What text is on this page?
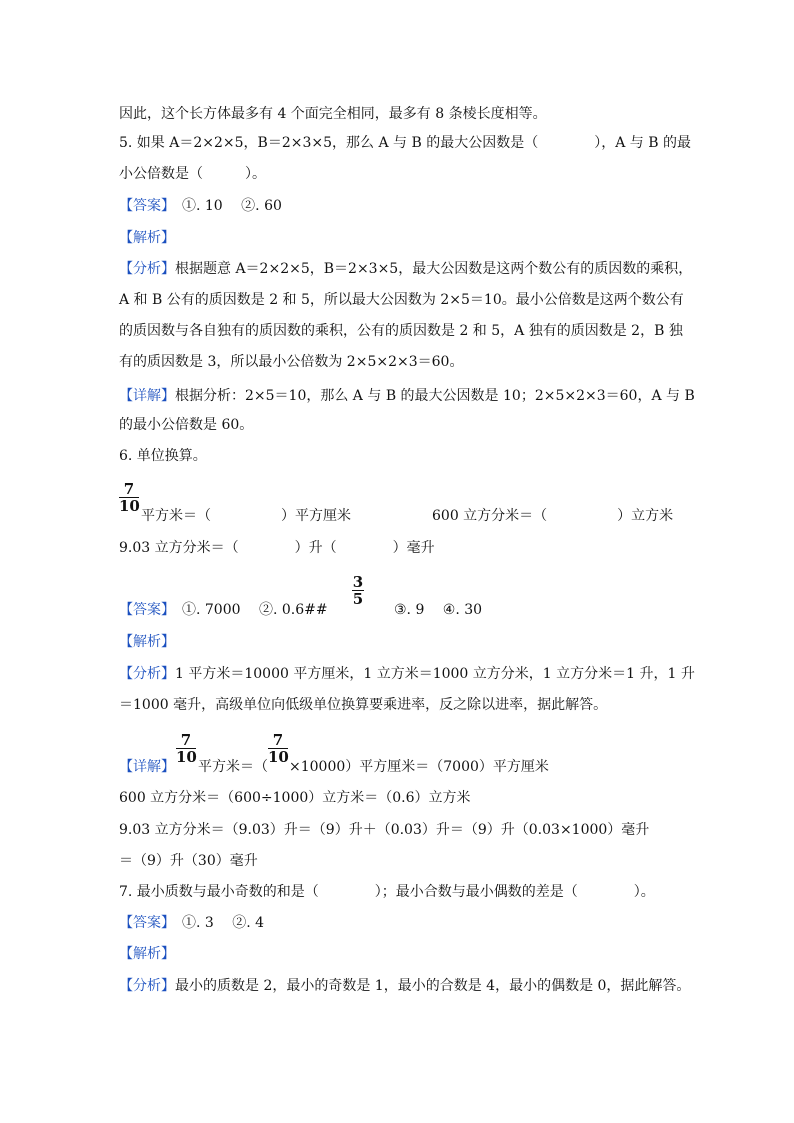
因此，这个长方体最多有 4 个面完全相同，最多有 8 条棱长度相等。
5. 如果 A＝2×2×5，B＝2×3×5，那么 A 与 B 的最大公因数是（　　　　），A 与 B 的最
小公倍数是（　　　）。
【答案】　①. 10　 ②. 60
【解析】
【分析】根据题意 A＝2×2×5，B＝2×3×5，最大公因数是这两个数公有的质因数的乘积，
A 和 B 公有的质因数是 2 和 5，所以最大公因数为 2×5＝10。最小公倍数是这两个数公有
的质因数与各自独有的质因数的乘积，公有的质因数是 2 和 5，A 独有的质因数是 2，B 独
有的质因数是 3，所以最小公倍数为 2×5×2×3＝60。
【详解】根据分析：2×5＝10，那么 A 与 B 的最大公因数是 10；2×5×2×3＝60，A 与 B
的最小公倍数是 60。
6. 单位换算。
7
10
平方米＝（　　　　　）平方厘米	600 立方分米＝（　　　　　）立方米
9.03 立方分米＝（　　　　）升（　　　　）毫升
【答案】　①. 7000　 ②. 0.6##
3
5
③. 9　 ④. 30
【解析】
【分析】1 平方米＝10000 平方厘米，1 立方米＝1000 立方分米，1 立方分米＝1 升，1 升
＝1000 毫升，高级单位向低级单位换算要乘进率，反之除以进率，据此解答。
【详解】
7
10
平方米＝（
7
10
×10000）平方厘米＝（7000）平方厘米
600 立方分米＝（600÷1000）立方米＝（0.6）立方米
9.03 立方分米＝（9.03）升＝（9）升＋（0.03）升＝（9）升（0.03×1000）毫升
＝（9）升（30）毫升
7. 最小质数与最小奇数的和是（　　　　）；最小合数与最小偶数的差是（　　　　）。
【答案】　①. 3　 ②. 4
【解析】
【分析】最小的质数是 2，最小的奇数是 1，最小的合数是 4，最小的偶数是 0，据此解答。
